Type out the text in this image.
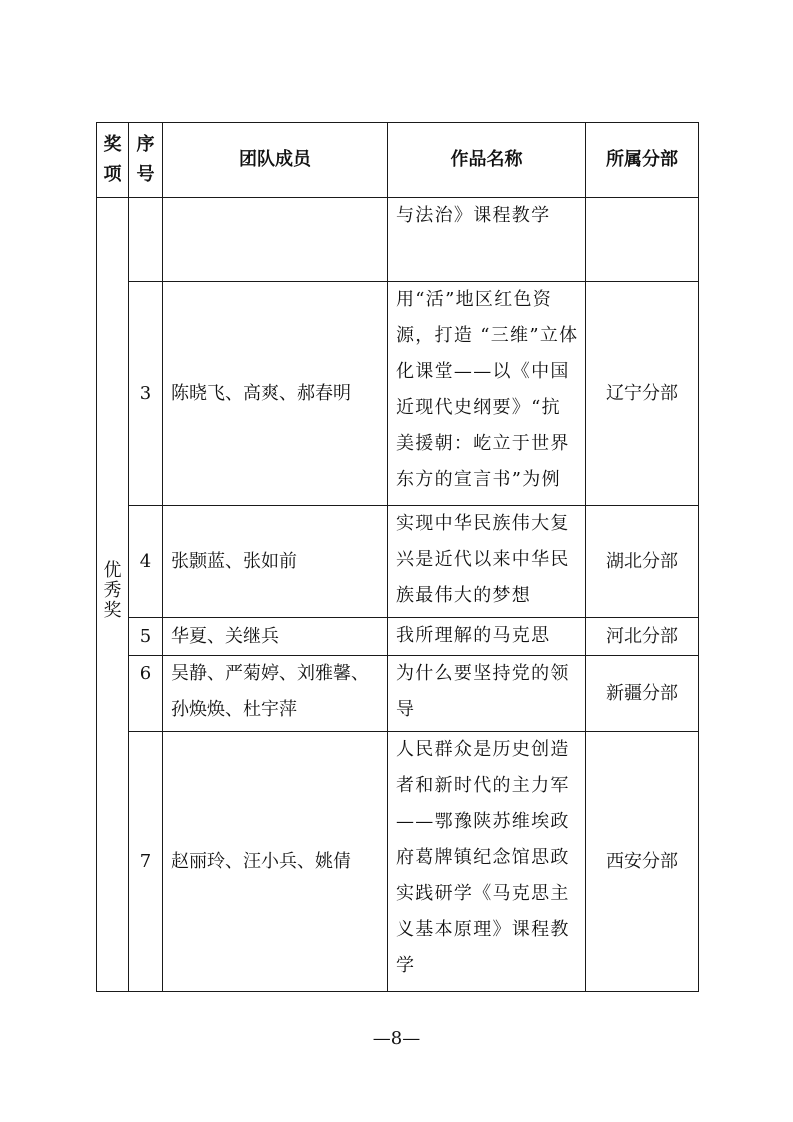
奖项	序号	团队成员	作品名称	所属分部
优秀奖			与法治》课程教学	
	3	陈晓飞、高爽、郝春明	用“活”地区红色资源，打造 “三维”立体化课堂——以《中国近现代史纲要》“抗美援朝：屹立于世界东方的宣言书”为例	辽宁分部
	4	张颢蓝、张如前	实现中华民族伟大复兴是近代以来中华民族最伟大的梦想	湖北分部
	5	华夏、关继兵	我所理解的马克思	河北分部
	6	吴静、严菊婷、刘雅馨、孙焕焕、杜宇萍	为什么要坚持党的领导	新疆分部
	7	赵丽玲、汪小兵、姚倩	人民群众是历史创造者和新时代的主力军——鄂豫陕苏维埃政府葛牌镇纪念馆思政实践研学《马克思主义基本原理》课程教学	西安分部
—8—
